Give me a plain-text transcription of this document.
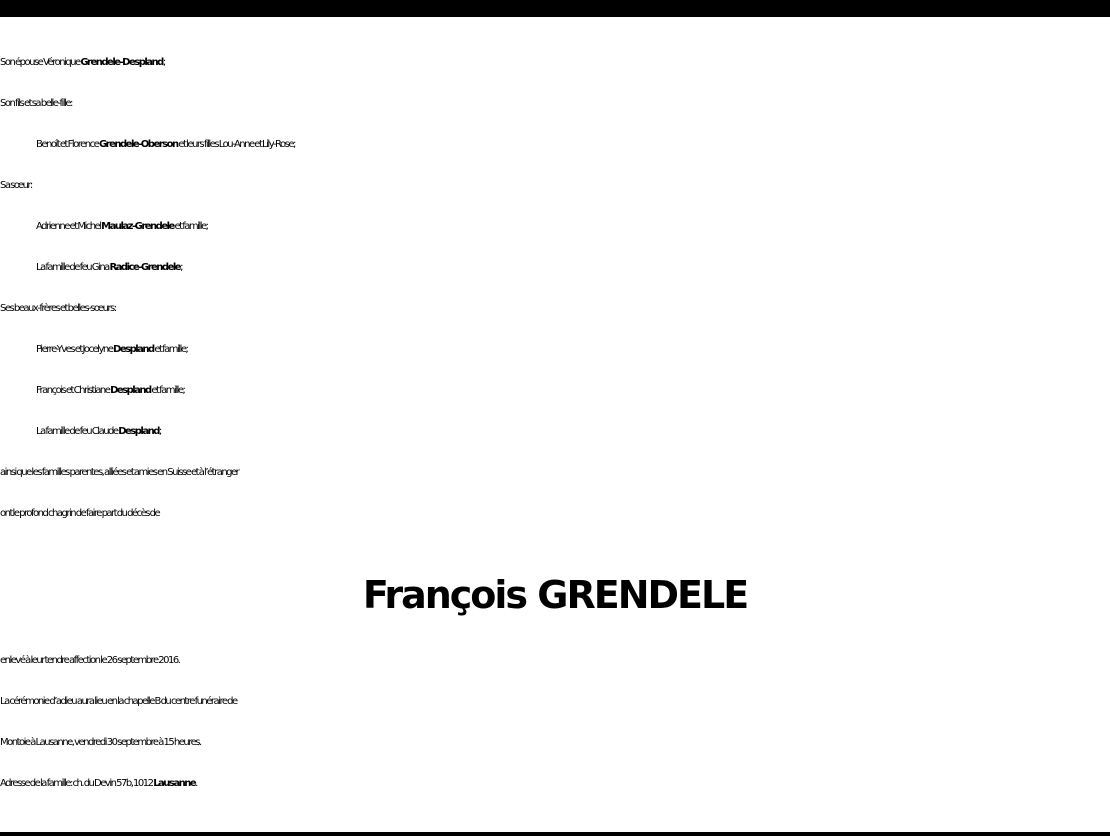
Son épouse Véronique Grendele-Despland;
Son fils et sa belle-fille:
Benoît et Florence Grendele-Oberson et leurs filles Lou-Anne et Lily-Rose;
Sa sœur:
Adrienne et Michel Maulaz-Grendele et famille;
La famille de feu Gina Radice-Grendele;
Ses beaux-frères et belles-sœurs:
Pierre-Yves et Jocelyne Despland et famille;
François et Christiane Despland et famille;
La famille de feu Claude Despland;
ainsi que les familles parentes, alliées et amies en Suisse et à l’étranger
ont le profond chagrin de faire part du décès de
François GRENDELE
enlevé à leur tendre affection le 26 septembre 2016.
La cérémonie d’adieu aura lieu en la chapelle B du centre funéraire de
Montoie à Lausanne, vendredi 30 septembre à 15 heures.
Adresse de la famille: ch. du Devin 57b, 1012 Lausanne.
